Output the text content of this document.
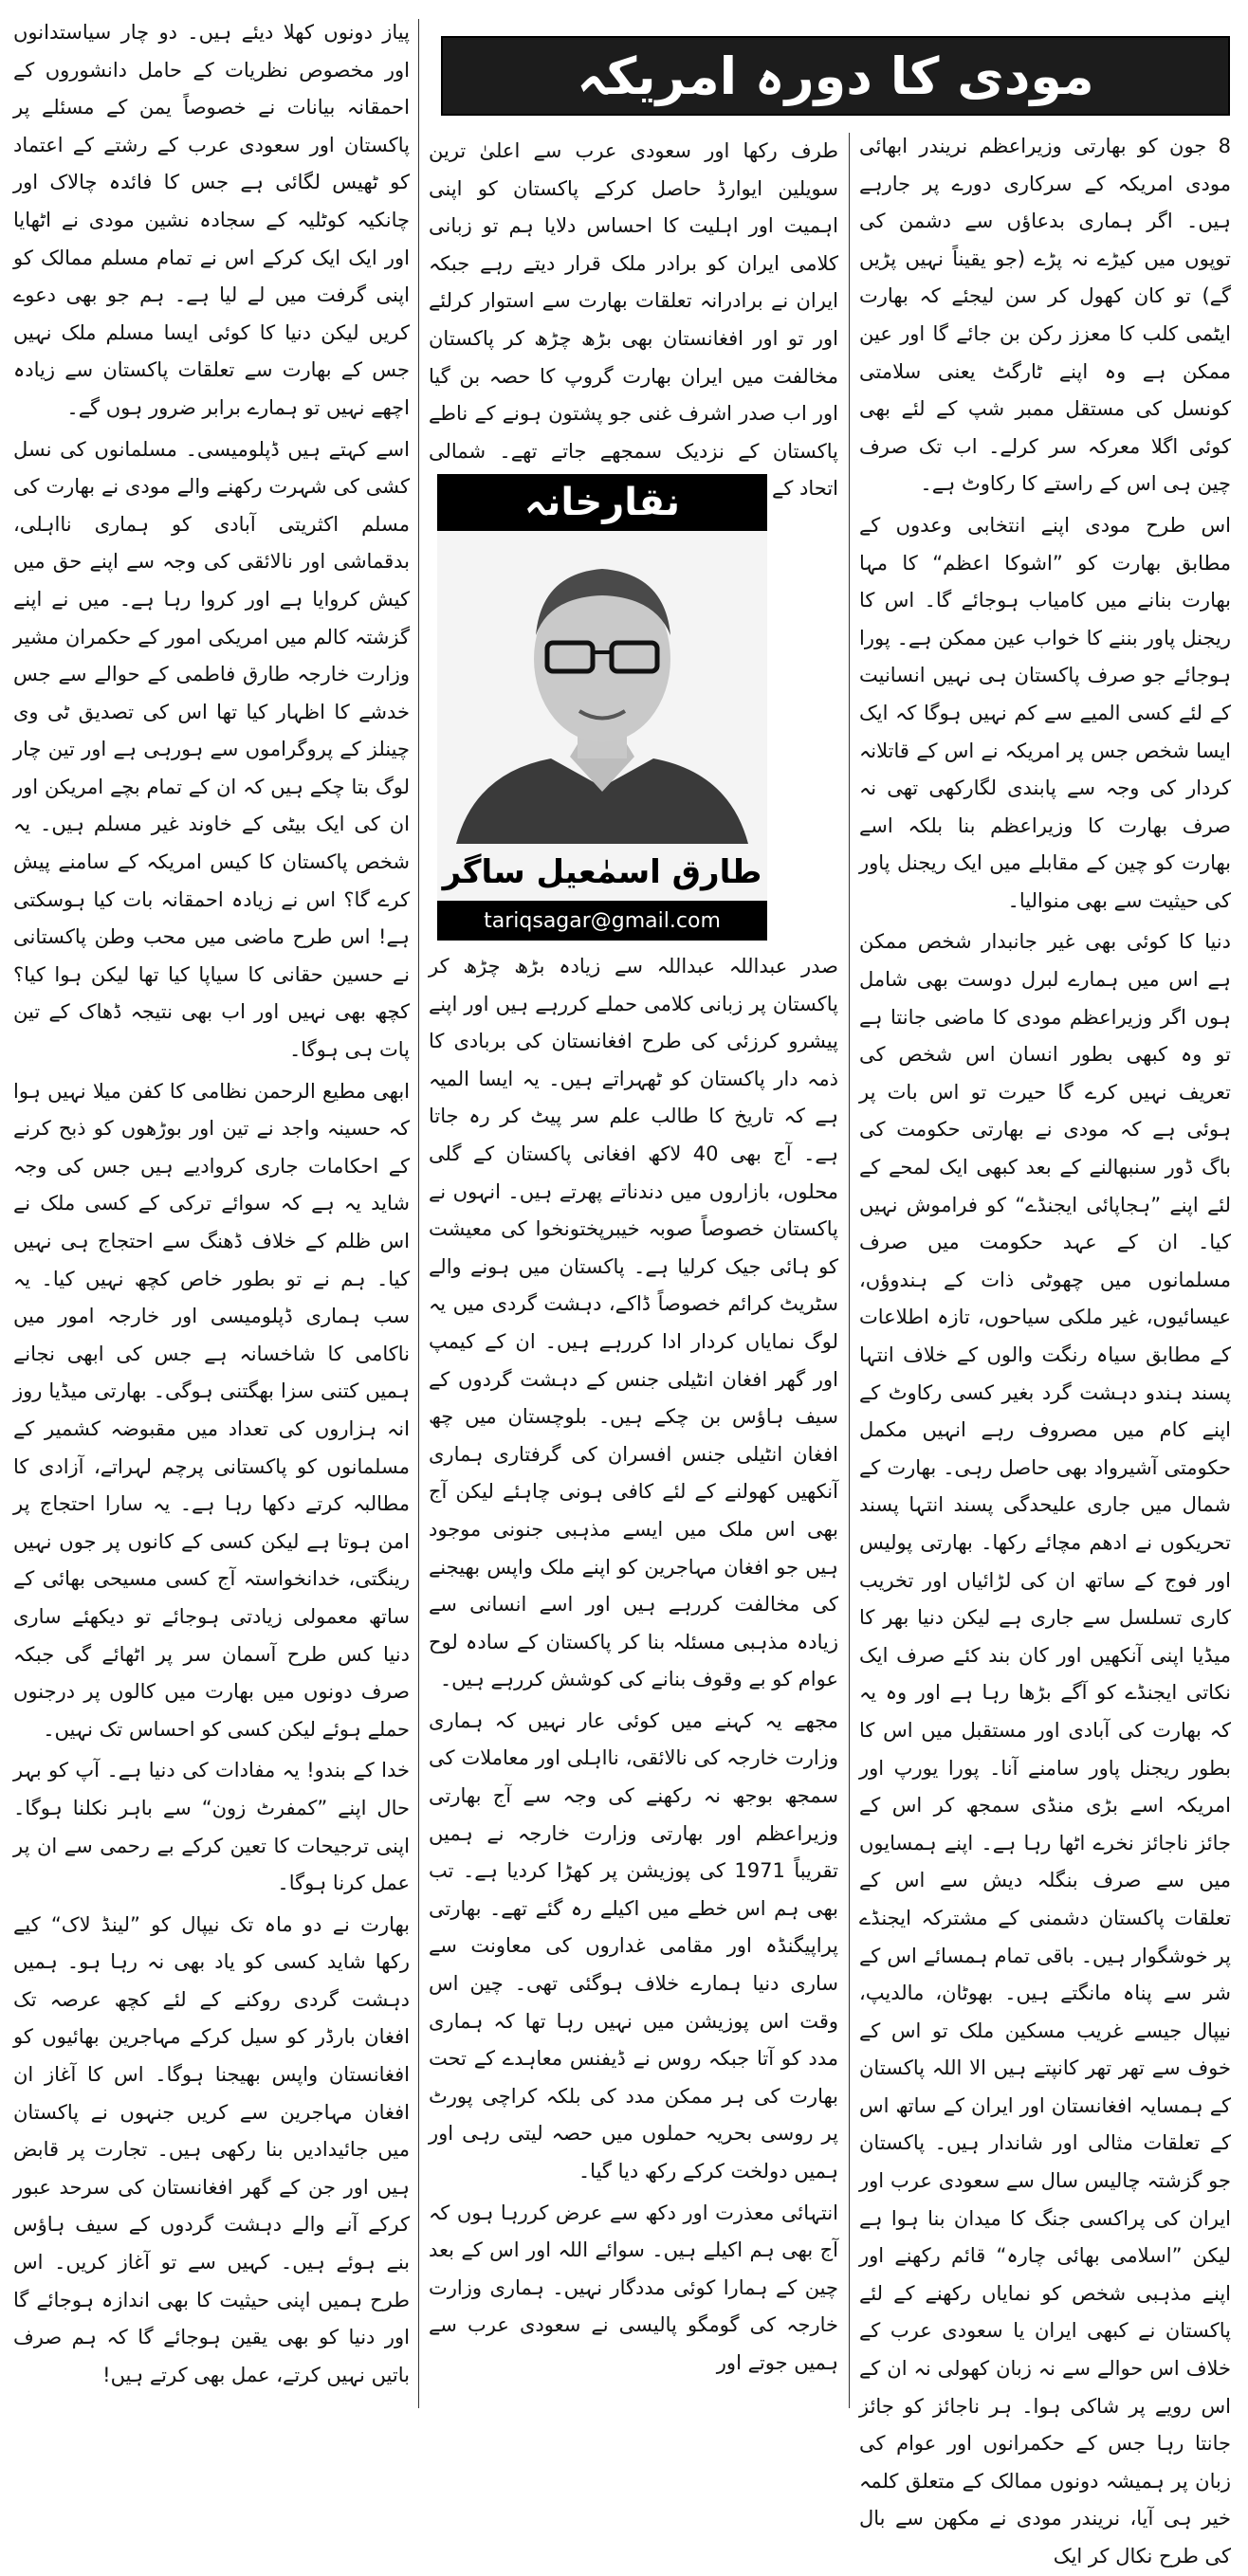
مودی کا دورہ امریکہ

8 جون کو بھارتی وزیراعظم نریندر ابھائی مودی امریکہ کے سرکاری دورے پر جارہے ہیں۔ اگر ہماری بدعاؤں سے دشمن کی توپوں میں کیڑے نہ پڑے (جو یقیناً نہیں پڑیں گے) تو کان کھول کر سن لیجئے کہ بھارت ایٹمی کلب کا معزز رکن بن جائے گا اور عین ممکن ہے وہ اپنے ٹارگٹ یعنی سلامتی کونسل کی مستقل ممبر شپ کے لئے بھی کوئی اگلا معرکہ سر کرلے۔ اب تک صرف چین ہی اس کے راستے کا رکاوٹ ہے۔

اس طرح مودی اپنے انتخابی وعدوں کے مطابق بھارت کو ”اشوکا اعظم“ کا مہا بھارت بنانے میں کامیاب ہوجائے گا۔ اس کا ریجنل پاور بننے کا خواب عین ممکن ہے۔ پورا ہوجائے جو صرف پاکستان ہی نہیں انسانیت کے لئے کسی المیے سے کم نہیں ہوگا کہ ایک ایسا شخص جس پر امریکہ نے اس کے قاتلانہ کردار کی وجہ سے پابندی لگارکھی تھی نہ صرف بھارت کا وزیراعظم بنا بلکہ اسے بھارت کو چین کے مقابلے میں ایک ریجنل پاور کی حیثیت سے بھی منوالیا۔

دنیا کا کوئی بھی غیر جانبدار شخص ممکن ہے اس میں ہمارے لبرل دوست بھی شامل ہوں اگر وزیراعظم مودی کا ماضی جانتا ہے تو وہ کبھی بطور انسان اس شخص کی تعریف نہیں کرے گا حیرت تو اس بات پر ہوئی ہے کہ مودی نے بھارتی حکومت کی باگ ڈور سنبھالنے کے بعد کبھی ایک لمحے کے لئے اپنے ”ہجاپائی ایجنڈے“ کو فراموش نہیں کیا۔ ان کے عہد حکومت میں صرف مسلمانوں میں چھوٹی ذات کے ہندوؤں، عیسائیوں، غیر ملکی سیاحوں، تازہ اطلاعات کے مطابق سیاہ رنگت والوں کے خلاف انتہا پسند ہندو دہشت گرد بغیر کسی رکاوٹ کے اپنے کام میں مصروف رہے انہیں مکمل حکومتی آشیرواد بھی حاصل رہی۔ بھارت کے شمال میں جاری علیحدگی پسند انتہا پسند تحریکوں نے ادھم مچائے رکھا۔ بھارتی پولیس اور فوج کے ساتھ ان کی لڑائیاں اور تخریب کاری تسلسل سے جاری ہے لیکن دنیا بھر کا میڈیا اپنی آنکھیں اور کان بند کئے صرف ایک نکاتی ایجنڈے کو آگے بڑھا رہا ہے اور وہ یہ کہ بھارت کی آبادی اور مستقبل میں اس کا بطور ریجنل پاور سامنے آنا۔ پورا یورپ اور امریکہ اسے بڑی منڈی سمجھ کر اس کے جائز ناجائز نخرے اٹھا رہا ہے۔ اپنے ہمسایوں میں سے صرف بنگلہ دیش سے اس کے تعلقات پاکستان دشمنی کے مشترکہ ایجنڈے پر خوشگوار ہیں۔ باقی تمام ہمسائے اس کے شر سے پناہ مانگتے ہیں۔ بھوٹان، مالدیپ، نیپال جیسے غریب مسکین ملک تو اس کے خوف سے تھر تھر کانپتے ہیں الا اللہ پاکستان کے ہمسایہ افغانستان اور ایران کے ساتھ اس کے تعلقات مثالی اور شاندار ہیں۔ پاکستان جو گزشتہ چالیس سال سے سعودی عرب اور ایران کی پراکسی جنگ کا میدان بنا ہوا ہے لیکن ”اسلامی بھائی چارہ“ قائم رکھنے اور اپنے مذہبی شخص کو نمایاں رکھنے کے لئے پاکستان نے کبھی ایران یا سعودی عرب کے خلاف اس حوالے سے نہ زبان کھولی نہ ان کے اس رویے پر شاکی ہوا۔ ہر ناجائز کو جائز جانتا رہا جس کے حکمرانوں اور عوام کی زبان پر ہمیشہ دونوں ممالک کے متعلق کلمہ خیر ہی آیا، نریندر مودی نے مکھن سے بال کی طرح نکال کر ایک

طرف رکھا اور سعودی عرب سے اعلیٰ ترین سویلین ایوارڈ حاصل کرکے پاکستان کو اپنی اہمیت اور اہلیت کا احساس دلایا ہم تو زبانی کلامی ایران کو برادر ملک قرار دیتے رہے جبکہ ایران نے برادرانہ تعلقات بھارت سے استوار کرلئے اور تو اور افغانستان بھی بڑھ چڑھ کر پاکستان مخالفت میں ایران بھارت گروپ کا حصہ بن گیا اور اب صدر اشرف غنی جو پشتون ہونے کے ناطے پاکستان کے نزدیک سمجھے جاتے تھے۔ شمالی اتحاد کے

نقارخانہ
طارق اسمٰعیل ساگر
tariqsagar@gmail.com

صدر عبداللہ عبداللہ سے زیادہ بڑھ چڑھ کر پاکستان پر زبانی کلامی حملے کررہے ہیں اور اپنے پیشرو کرزئی کی طرح افغانستان کی بربادی کا ذمہ دار پاکستان کو ٹھہراتے ہیں۔ یہ ایسا المیہ ہے کہ تاریخ کا طالب علم سر پیٹ کر رہ جاتا ہے۔ آج بھی 40 لاکھ افغانی پاکستان کے گلی محلوں، بازاروں میں دندناتے پھرتے ہیں۔ انہوں نے پاکستان خصوصاً صوبہ خیبرپختونخوا کی معیشت کو ہائی جیک کرلیا ہے۔ پاکستان میں ہونے والے سٹریٹ کرائم خصوصاً ڈاکے، دہشت گردی میں یہ لوگ نمایاں کردار ادا کررہے ہیں۔ ان کے کیمپ اور گھر افغان انٹیلی جنس کے دہشت گردوں کے سیف ہاؤس بن چکے ہیں۔ بلوچستان میں چھ افغان انٹیلی جنس افسران کی گرفتاری ہماری آنکھیں کھولنے کے لئے کافی ہونی چاہئے لیکن آج بھی اس ملک میں ایسے مذہبی جنونی موجود ہیں جو افغان مہاجرین کو اپنے ملک واپس بھیجنے کی مخالفت کررہے ہیں اور اسے انسانی سے زیادہ مذہبی مسئلہ بنا کر پاکستان کے سادہ لوح عوام کو بے وقوف بنانے کی کوشش کررہے ہیں۔

مجھے یہ کہنے میں کوئی عار نہیں کہ ہماری وزارت خارجہ کی نالائقی، نااہلی اور معاملات کی سمجھ بوجھ نہ رکھنے کی وجہ سے آج بھارتی وزیراعظم اور بھارتی وزارت خارجہ نے ہمیں تقریباً 1971 کی پوزیشن پر کھڑا کردیا ہے۔ تب بھی ہم اس خطے میں اکیلے رہ گئے تھے۔ بھارتی پراپیگنڈہ اور مقامی غداروں کی معاونت سے ساری دنیا ہمارے خلاف ہوگئی تھی۔ چین اس وقت اس پوزیشن میں نہیں رہا تھا کہ ہماری مدد کو آتا جبکہ روس نے ڈیفنس معاہدے کے تحت بھارت کی ہر ممکن مدد کی بلکہ کراچی پورٹ پر روسی بحریہ حملوں میں حصہ لیتی رہی اور ہمیں دولخت کرکے رکھ دیا گیا۔

انتہائی معذرت اور دکھ سے عرض کررہا ہوں کہ آج بھی ہم اکیلے ہیں۔ سوائے اللہ اور اس کے بعد چین کے ہمارا کوئی مددگار نہیں۔ ہماری وزارت خارجہ کی گومگو پالیسی نے سعودی عرب سے ہمیں جوتے اور

پیاز دونوں کھلا دیئے ہیں۔ دو چار سیاستدانوں اور مخصوص نظریات کے حامل دانشوروں کے احمقانہ بیانات نے خصوصاً یمن کے مسئلے پر پاکستان اور سعودی عرب کے رشتے کے اعتماد کو ٹھیس لگائی ہے جس کا فائدہ چالاک اور چانکیہ کوٹلیہ کے سجادہ نشین مودی نے اٹھایا اور ایک ایک کرکے اس نے تمام مسلم ممالک کو اپنی گرفت میں لے لیا ہے۔ ہم جو بھی دعوے کریں لیکن دنیا کا کوئی ایسا مسلم ملک نہیں جس کے بھارت سے تعلقات پاکستان سے زیادہ اچھے نہیں تو ہمارے برابر ضرور ہوں گے۔

اسے کہتے ہیں ڈپلومیسی۔ مسلمانوں کی نسل کشی کی شہرت رکھنے والے مودی نے بھارت کی مسلم اکثریتی آبادی کو ہماری نااہلی، بدقماشی اور نالائقی کی وجہ سے اپنے حق میں کیش کروایا ہے اور کروا رہا ہے۔ میں نے اپنے گزشتہ کالم میں امریکی امور کے حکمران مشیر وزارت خارجہ طارق فاطمی کے حوالے سے جس خدشے کا اظہار کیا تھا اس کی تصدیق ٹی وی چینلز کے پروگراموں سے ہورہی ہے اور تین چار لوگ بتا چکے ہیں کہ ان کے تمام بچے امریکن اور ان کی ایک بیٹی کے خاوند غیر مسلم ہیں۔ یہ شخص پاکستان کا کیس امریکہ کے سامنے پیش کرے گا؟ اس نے زیادہ احمقانہ بات کیا ہوسکتی ہے! اس طرح ماضی میں محب وطن پاکستانی نے حسین حقانی کا سیاپا کیا تھا لیکن ہوا کیا؟ کچھ بھی نہیں اور اب بھی نتیجہ ڈھاک کے تین پات ہی ہوگا۔

ابھی مطیع الرحمن نظامی کا کفن میلا نہیں ہوا کہ حسینہ واجد نے تین اور بوڑھوں کو ذبح کرنے کے احکامات جاری کروادیے ہیں جس کی وجہ شاید یہ ہے کہ سوائے ترکی کے کسی ملک نے اس ظلم کے خلاف ڈھنگ سے احتجاج ہی نہیں کیا۔ ہم نے تو بطور خاص کچھ نہیں کیا۔ یہ سب ہماری ڈپلومیسی اور خارجہ امور میں ناکامی کا شاخسانہ ہے جس کی ابھی نجانے ہمیں کتنی سزا بھگتنی ہوگی۔ بھارتی میڈیا روز انہ ہزاروں کی تعداد میں مقبوضہ کشمیر کے مسلمانوں کو پاکستانی پرچم لہراتے، آزادی کا مطالبہ کرتے دکھا رہا ہے۔ یہ سارا احتجاج پر امن ہوتا ہے لیکن کسی کے کانوں پر جوں نہیں رینگتی، خدانخواستہ آج کسی مسیحی بھائی کے ساتھ معمولی زیادتی ہوجائے تو دیکھئے ساری دنیا کس طرح آسمان سر پر اٹھائے گی جبکہ صرف دونوں میں بھارت میں کالوں پر درجنوں حملے ہوئے لیکن کسی کو احساس تک نہیں۔

خدا کے بندو! یہ مفادات کی دنیا ہے۔ آپ کو بہر حال اپنے ”کمفرٹ زون“ سے باہر نکلنا ہوگا۔ اپنی ترجیحات کا تعین کرکے بے رحمی سے ان پر عمل کرنا ہوگا۔

بھارت نے دو ماہ تک نیپال کو ”لینڈ لاک“ کیے رکھا شاید کسی کو یاد بھی نہ رہا ہو۔ ہمیں دہشت گردی روکنے کے لئے کچھ عرصہ تک افغان بارڈر کو سیل کرکے مہاجرین بھائیوں کو افغانستان واپس بھیجنا ہوگا۔ اس کا آغاز ان افغان مہاجرین سے کریں جنہوں نے پاکستان میں جائیدادیں بنا رکھی ہیں۔ تجارت پر قابض ہیں اور جن کے گھر افغانستان کی سرحد عبور کرکے آنے والے دہشت گردوں کے سیف ہاؤس بنے ہوئے ہیں۔ کہیں سے تو آغاز کریں۔ اس طرح ہمیں اپنی حیثیت کا بھی اندازہ ہوجائے گا اور دنیا کو بھی یقین ہوجائے گا کہ ہم صرف باتیں نہیں کرتے، عمل بھی کرتے ہیں!
